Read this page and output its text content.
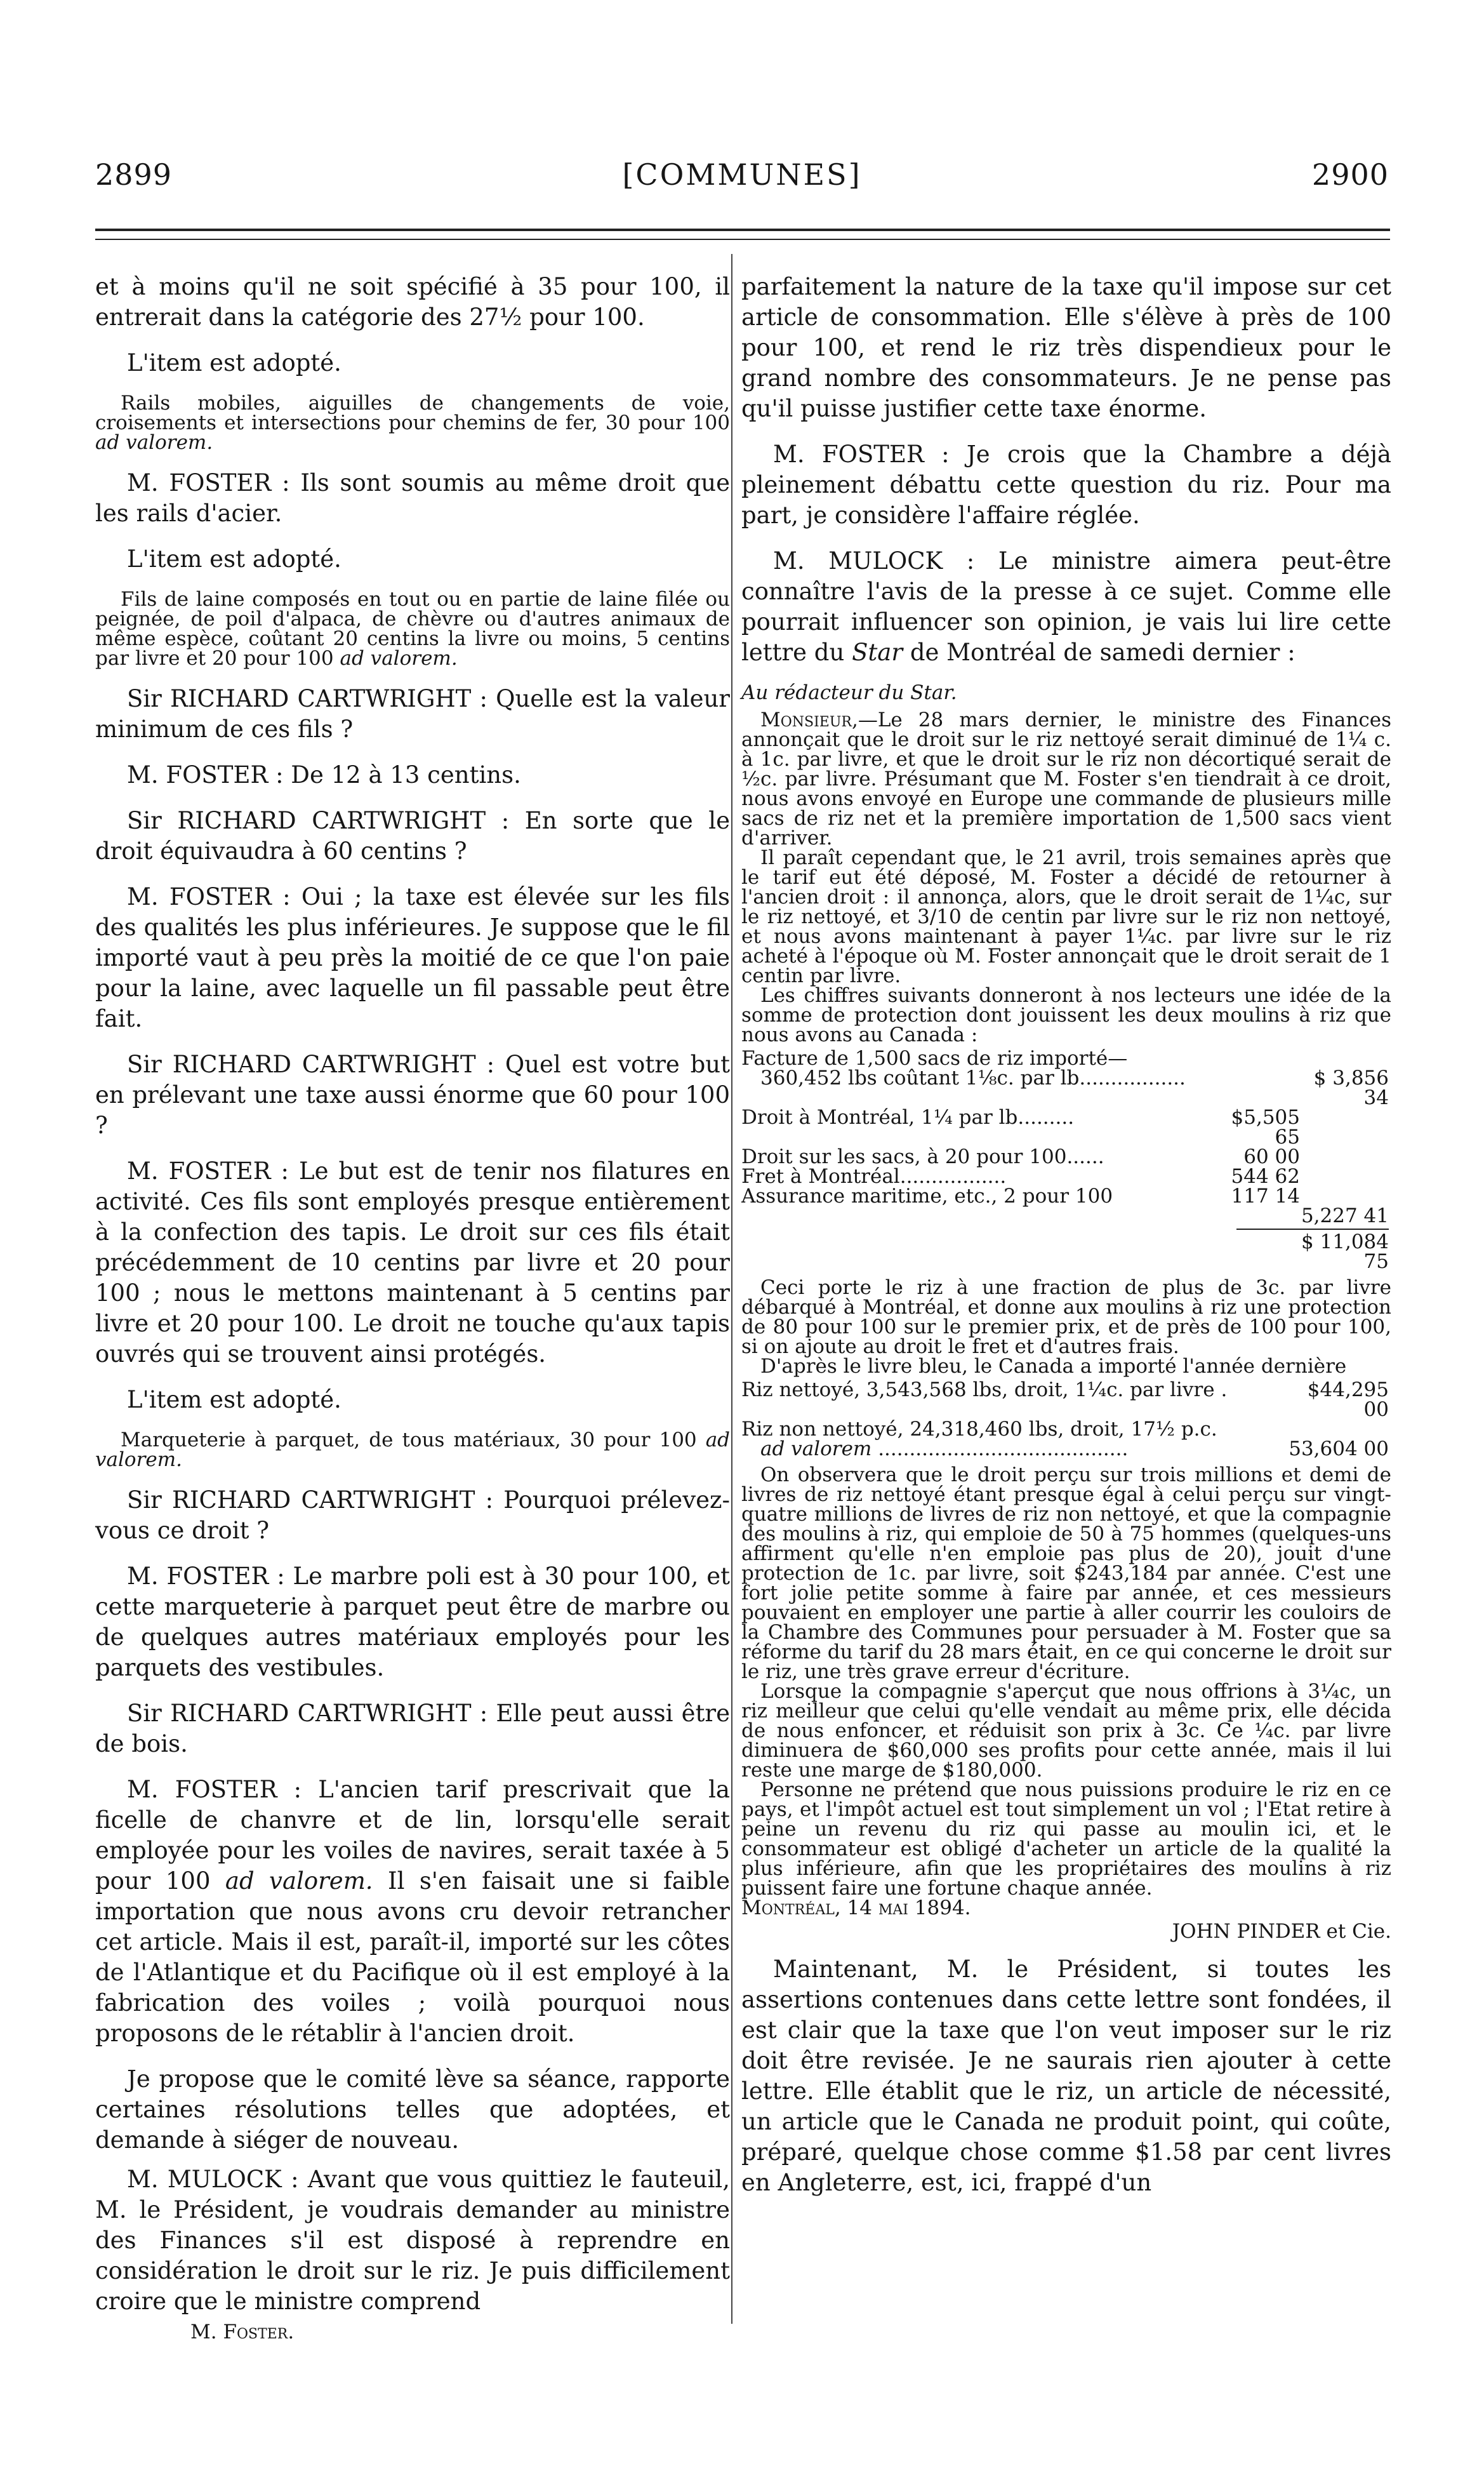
2899	[COMMUNES]	2900

et à moins qu'il ne soit spécifié à 35 pour 100, il entrerait dans la catégorie des 27½ pour 100.

L'item est adopté.

Rails mobiles, aiguilles de changements de voie, croisements et intersections pour chemins de fer, 30 pour 100 ad valorem.

M. FOSTER : Ils sont soumis au même droit que les rails d'acier.

L'item est adopté.

Fils de laine composés en tout ou en partie de laine filée ou peignée, de poil d'alpaca, de chèvre ou d'autres animaux de même espèce, coûtant 20 centins la livre ou moins, 5 centins par livre et 20 pour 100 ad valorem.

Sir RICHARD CARTWRIGHT : Quelle est la valeur minimum de ces fils ?

M. FOSTER : De 12 à 13 centins.

Sir RICHARD CARTWRIGHT : En sorte que le droit équivaudra à 60 centins ?

M. FOSTER : Oui ; la taxe est élevée sur les fils des qualités les plus inférieures. Je suppose que le fil importé vaut à peu près la moitié de ce que l'on paie pour la laine, avec laquelle un fil passable peut être fait.

Sir RICHARD CARTWRIGHT : Quel est votre but en prélevant une taxe aussi énorme que 60 pour 100 ?

M. FOSTER : Le but est de tenir nos filatures en activité. Ces fils sont employés presque entièrement à la confection des tapis. Le droit sur ces fils était précédemment de 10 centins par livre et 20 pour 100 ; nous le mettons maintenant à 5 centins par livre et 20 pour 100. Le droit ne touche qu'aux tapis ouvrés qui se trouvent ainsi protégés.

L'item est adopté.

Marqueterie à parquet, de tous matériaux, 30 pour 100 ad valorem.

Sir RICHARD CARTWRIGHT : Pourquoi prélevez-vous ce droit ?

M. FOSTER : Le marbre poli est à 30 pour 100, et cette marqueterie à parquet peut être de marbre ou de quelques autres matériaux employés pour les parquets des vestibules.

Sir RICHARD CARTWRIGHT : Elle peut aussi être de bois.

M. FOSTER : L'ancien tarif prescrivait que la ficelle de chanvre et de lin, lorsqu'elle serait employée pour les voiles de navires, serait taxée à 5 pour 100 ad valorem. Il s'en faisait une si faible importation que nous avons cru devoir retrancher cet article. Mais il est, paraît-il, importé sur les côtes de l'Atlantique et du Pacifique où il est employé à la fabrication des voiles ; voilà pourquoi nous proposons de le rétablir à l'ancien droit.

Je propose que le comité lève sa séance, rapporte certaines résolutions telles que adoptées, et demande à siéger de nouveau.

M. MULOCK : Avant que vous quittiez le fauteuil, M. le Président, je voudrais demander au ministre des Finances s'il est disposé à reprendre en considération le droit sur le riz. Je puis difficilement croire que le ministre comprend

M. Foster.

parfaitement la nature de la taxe qu'il impose sur cet article de consommation. Elle s'élève à près de 100 pour 100, et rend le riz très dispendieux pour le grand nombre des consommateurs. Je ne pense pas qu'il puisse justifier cette taxe énorme.

M. FOSTER : Je crois que la Chambre a déjà pleinement débattu cette question du riz. Pour ma part, je considère l'affaire réglée.

M. MULOCK : Le ministre aimera peut-être connaître l'avis de la presse à ce sujet. Comme elle pourrait influencer son opinion, je vais lui lire cette lettre du Star de Montréal de samedi dernier :

Au rédacteur du Star.

Monsieur,—Le 28 mars dernier, le ministre des Finances annonçait que le droit sur le riz nettoyé serait diminué de 1¼ c. à 1c. par livre, et que le droit sur le riz non décortiqué serait de ½c. par livre. Présumant que M. Foster s'en tiendrait à ce droit, nous avons envoyé en Europe une commande de plusieurs mille sacs de riz net et la première importation de 1,500 sacs vient d'arriver.

Il paraît cependant que, le 21 avril, trois semaines après que le tarif eut été déposé, M. Foster a décidé de retourner à l'ancien droit : il annonça, alors, que le droit serait de 1¼c, sur le riz nettoyé, et 3/10 de centin par livre sur le riz non nettoyé, et nous avons maintenant à payer 1¼c. par livre sur le riz acheté à l'époque où M. Foster annonçait que le droit serait de 1 centin par livre.

Les chiffres suivants donneront à nos lecteurs une idée de la somme de protection dont jouissent les deux moulins à riz que nous avons au Canada :

Facture de 1,500 sacs de riz importé—
360,452 lbs coûtant 1⅛c. par lb.................	$ 3,856 34
Droit à Montréal, 1¼ par lb.........	$5,505 65
Droit sur les sacs, à 20 pour 100......	60 00
Fret à Montréal.................	544 62
Assurance maritime, etc., 2 pour 100	117 14
5,227 41
$ 11,084 75

Ceci porte le riz à une fraction de plus de 3c. par livre débarqué à Montréal, et donne aux moulins à riz une protection de 80 pour 100 sur le premier prix, et de près de 100 pour 100, si on ajoute au droit le fret et d'autres frais.

D'après le livre bleu, le Canada a importé l'année dernière

Riz nettoyé, 3,543,568 lbs, droit, 1¼c. par livre .	$44,295 00
Riz non nettoyé, 24,318,460 lbs, droit, 17½ p.c.
ad valorem ........................................	53,604 00

On observera que le droit perçu sur trois millions et demi de livres de riz nettoyé étant presque égal à celui perçu sur vingt-quatre millions de livres de riz non nettoyé, et que la compagnie des moulins à riz, qui emploie de 50 à 75 hommes (quelques-uns affirment qu'elle n'en emploie pas plus de 20), jouit d'une protection de 1c. par livre, soit $243,184 par année. C'est une fort jolie petite somme à faire par année, et ces messieurs pouvaient en employer une partie à aller courrir les couloirs de la Chambre des Communes pour persuader à M. Foster que sa réforme du tarif du 28 mars était, en ce qui concerne le droit sur le riz, une très grave erreur d'écriture.

Lorsque la compagnie s'aperçut que nous offrions à 3¼c, un riz meilleur que celui qu'elle vendait au même prix, elle décida de nous enfoncer, et réduisit son prix à 3c. Ce ¼c. par livre diminuera de $60,000 ses profits pour cette année, mais il lui reste une marge de $180,000.

Personne ne prétend que nous puissions produire le riz en ce pays, et l'impôt actuel est tout simplement un vol ; l'Etat retire à peine un revenu du riz qui passe au moulin ici, et le consommateur est obligé d'acheter un article de la qualité la plus inférieure, afin que les propriétaires des moulins à riz puissent faire une fortune chaque année.

Montréal, 14 mai 1894.
JOHN PINDER et Cie.

Maintenant, M. le Président, si toutes les assertions contenues dans cette lettre sont fondées, il est clair que la taxe que l'on veut imposer sur le riz doit être revisée. Je ne saurais rien ajouter à cette lettre. Elle établit que le riz, un article de nécessité, un article que le Canada ne produit point, qui coûte, préparé, quelque chose comme $1.58 par cent livres en Angleterre, est, ici, frappé d'un
